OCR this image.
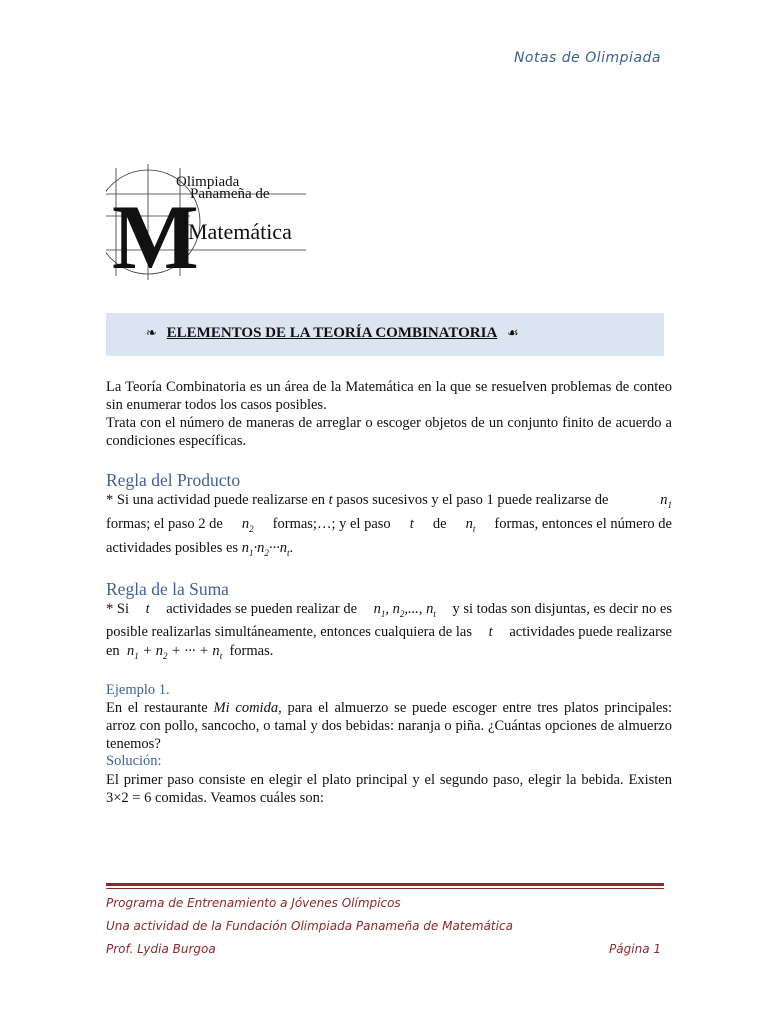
Notas de Olimpiada
Olimpiada
Panameña de
M
Matemática
❧ ELEMENTOS DE LA TEORÍA COMBINATORIA ☙
La Teoría Combinatoria es un área de la Matemática en la que se resuelven problemas de conteo sin enumerar todos los casos posibles.
Trata con el número de maneras de arreglar o escoger objetos de un conjunto finito de acuerdo a condiciones específicas.
Regla del Producto
* Si una actividad puede realizarse en t pasos sucesivos y el paso 1 puede realizarse de	$n_1$
formas; el paso 2 de $n_2$ formas;…; y el paso t de $n_t$ formas, entonces el número de
actividades posibles es $n_1\cdot n_2\cdot\cdot\cdot n_t$.
Regla de la Suma
* Si t actividades se pueden realizar de $n_1$, $n_2$,..., $n_t$ y si todas son disjuntas, es decir no es
posible realizarlas simultáneamente, entonces cualquiera de las t actividades puede realizarse
en $n_1 + n_2$ + ··· + $n_t$ formas.
Ejemplo 1.
En el restaurante Mi comida, para el almuerzo se puede escoger entre tres platos principales: arroz con pollo, sancocho, o tamal y dos bebidas: naranja o piña. ¿Cuántas opciones de almuerzo tenemos?
Solución:
El primer paso consiste en elegir el plato principal y el segundo paso, elegir la bebida. Existen 3×2 = 6 comidas. Veamos cuáles son:
Programa de Entrenamiento a Jóvenes Olímpicos
Una actividad de la Fundación Olimpiada Panameña de Matemática
Prof. Lydia Burgoa	Página 1
